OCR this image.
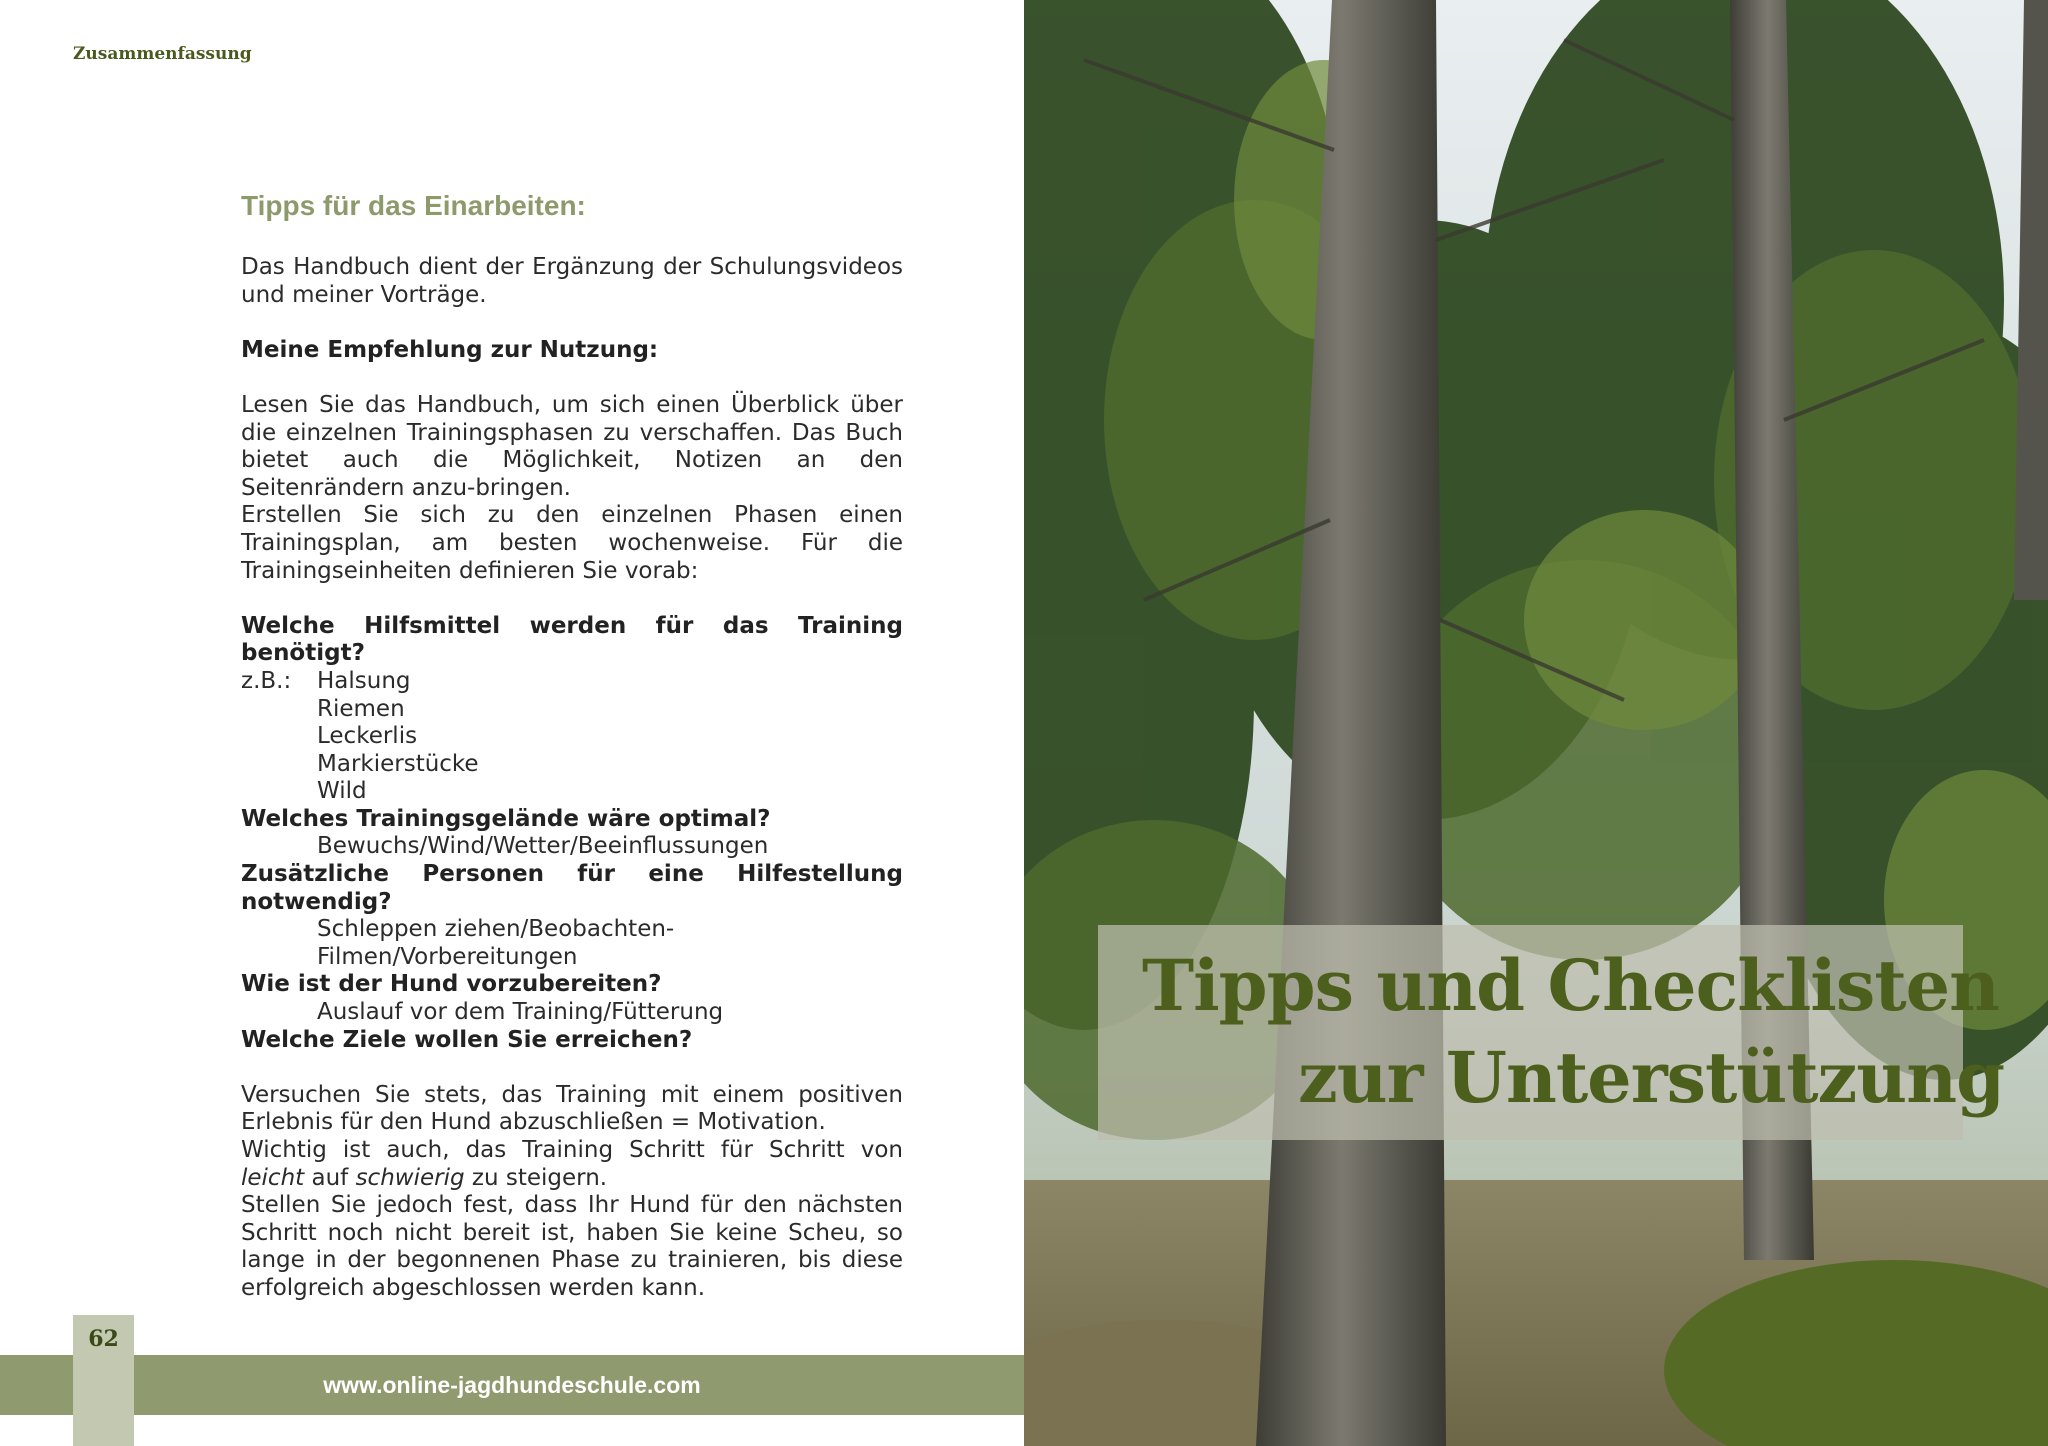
Zusammenfassung
Tipps für das Einarbeiten:

Das Handbuch dient der Ergänzung der Schulungsvideos und meiner Vorträge.

Meine Empfehlung zur Nutzung:

Lesen Sie das Handbuch, um sich einen Überblick über die einzelnen Trainingsphasen zu verschaffen. Das Buch bietet auch die Möglichkeit, Notizen an den Seitenrändern anzu-bringen.

Erstellen Sie sich zu den einzelnen Phasen einen Trainingsplan, am besten wochenweise. Für die Trainingseinheiten definieren Sie vorab:

Welche Hilfsmittel werden für das Training benötigt?

z.B.:	Halsung
Riemen
Leckerlis
Markierstücke
Wild

Welches Trainingsgelände wäre optimal?

Bewuchs/Wind/Wetter/Beeinflussungen

Zusätzliche Personen für eine Hilfestellung notwendig?

Schleppen ziehen/Beobachten-Filmen/Vorbereitungen

Wie ist der Hund vorzubereiten?

Auslauf vor dem Training/Fütterung

Welche Ziele wollen Sie erreichen?

Versuchen Sie stets, das Training mit einem positiven Erlebnis für den Hund abzuschließen = Motivation.

Wichtig ist auch, das Training Schritt für Schritt von leicht auf schwierig zu steigern.

Stellen Sie jedoch fest, dass Ihr Hund für den nächsten Schritt noch nicht bereit ist, haben Sie keine Scheu, so lange in der begonnenen Phase zu trainieren, bis diese erfolgreich abgeschlossen werden kann.

www.online-jagdhundeschule.com
62
Tipps und Checklisten
zur Unterstützung
